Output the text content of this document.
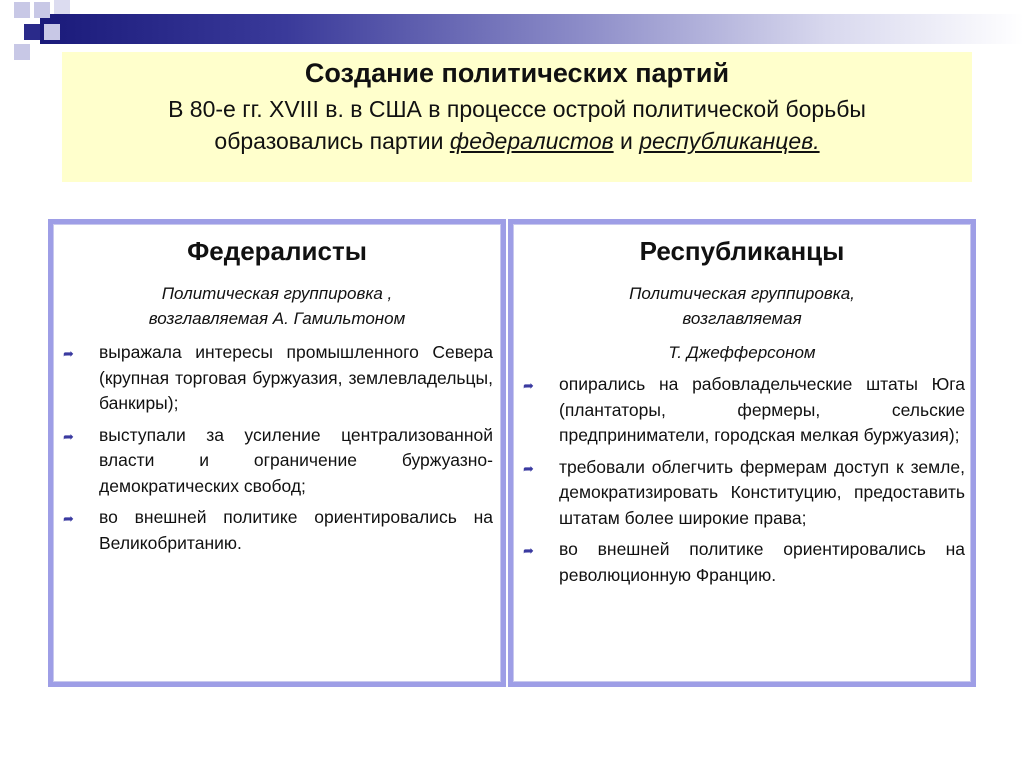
Создание политических партий
В 80-е гг. XVIII в. в США в процессе острой политической борьбы
образовались партии федералистов и республиканцев.
Федералисты
Политическая группировка ,
возглавляемая А. Гамильтоном
➦ выражала интересы промышленного Севера (крупная торговая буржуазия, землевладельцы, банкиры);
➦ выступали за усиление централизованной власти и ограничение буржуазно-демократических свобод;
➦ во внешней политике ориентировались на Великобританию.
Республиканцы
Политическая группировка,
возглавляемая
Т. Джефферсоном
➦ опирались на рабовладельческие штаты Юга (плантаторы, фермеры, сельские предприниматели, городская мелкая буржуазия);
➦ требовали облегчить фермерам доступ к земле, демократизировать Конституцию, предоставить штатам более широкие права;
➦ во внешней политике ориентировались на революционную Францию.
